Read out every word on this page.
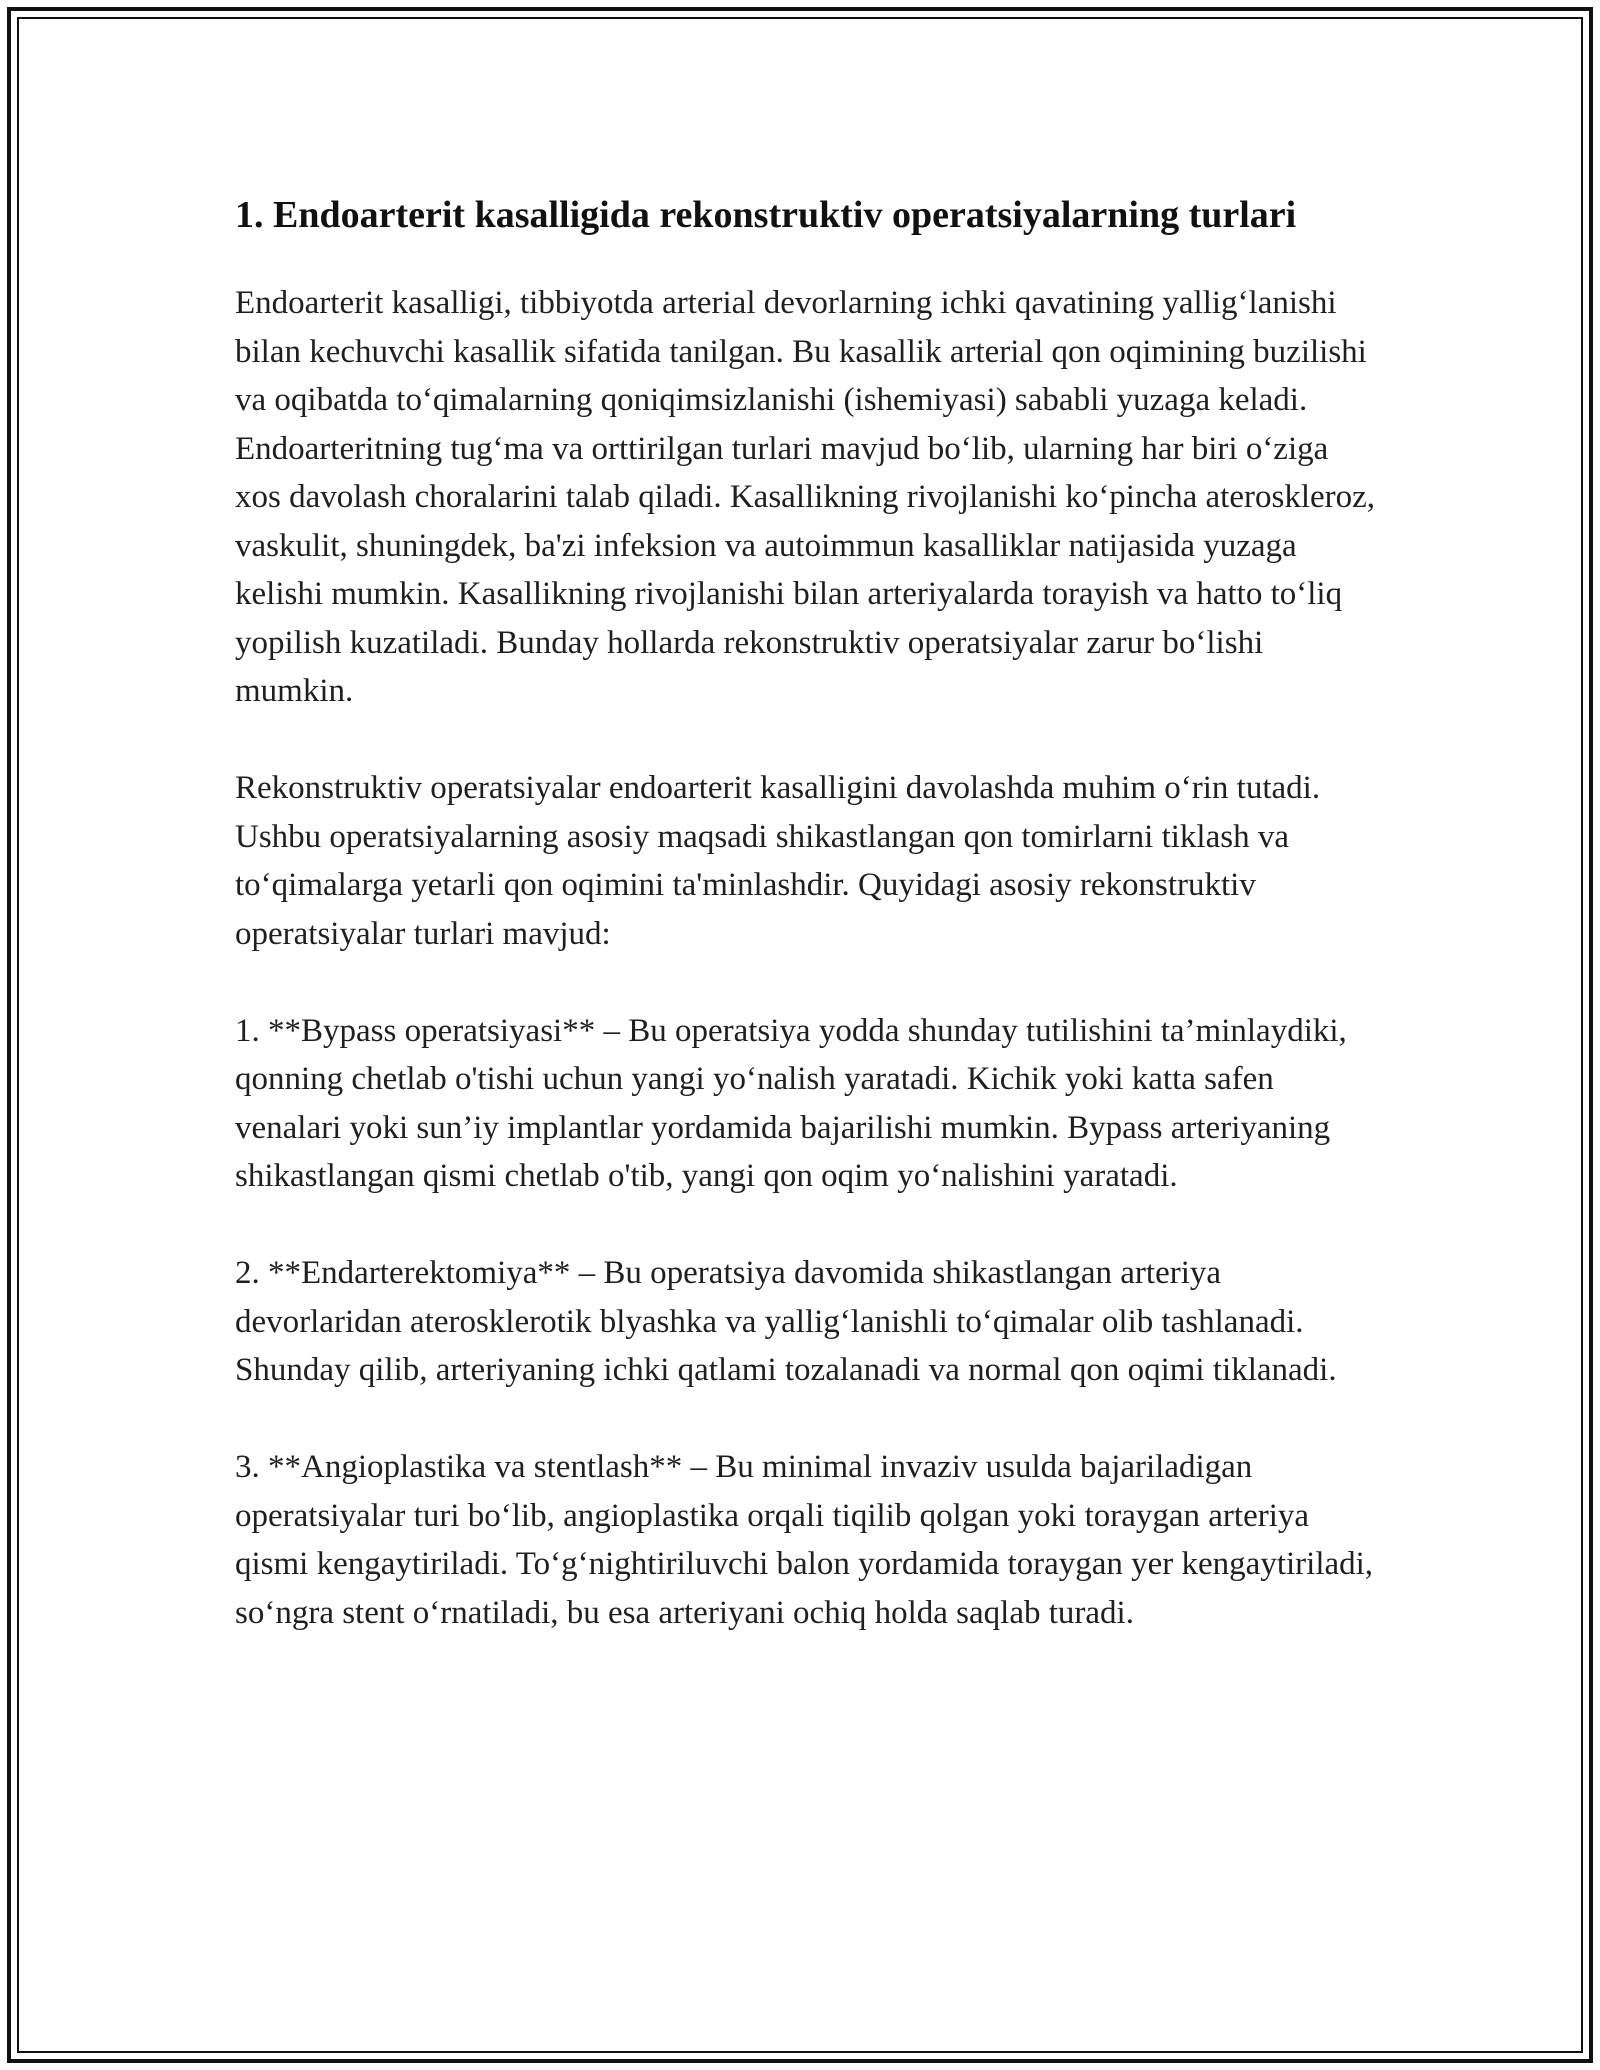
1. Endoarterit kasalligida rekonstruktiv operatsiyalarning turlari

Endoarterit kasalligi, tibbiyotda arterial devorlarning ichki qavatining yallig‘lanishi bilan kechuvchi kasallik sifatida tanilgan. Bu kasallik arterial qon oqimining buzilishi va oqibatda to‘qimalarning qoniqimsizlanishi (ishemiyasi) sababli yuzaga keladi. Endoarteritning tug‘ma va orttirilgan turlari mavjud bo‘lib, ularning har biri o‘ziga xos davolash choralarini talab qiladi. Kasallikning rivojlanishi ko‘pincha ateroskleroz, vaskulit, shuningdek, ba'zi infeksion va autoimmun kasalliklar natijasida yuzaga kelishi mumkin. Kasallikning rivojlanishi bilan arteriyalarda torayish va hatto to‘liq yopilish kuzatiladi. Bunday hollarda rekonstruktiv operatsiyalar zarur bo‘lishi mumkin.

Rekonstruktiv operatsiyalar endoarterit kasalligini davolashda muhim o‘rin tutadi. Ushbu operatsiyalarning asosiy maqsadi shikastlangan qon tomirlarni tiklash va to‘qimalarga yetarli qon oqimini ta'minlashdir. Quyidagi asosiy rekonstruktiv operatsiyalar turlari mavjud:

1. **Bypass operatsiyasi** – Bu operatsiya yodda shunday tutilishini ta’minlaydiki, qonning chetlab o'tishi uchun yangi yo‘nalish yaratadi. Kichik yoki katta safen venalari yoki sun’iy implantlar yordamida bajarilishi mumkin. Bypass arteriyaning shikastlangan qismi chetlab o'tib, yangi qon oqim yo‘nalishini yaratadi.

2. **Endarterektomiya** – Bu operatsiya davomida shikastlangan arteriya devorlaridan aterosklerotik blyashka va yallig‘lanishli to‘qimalar olib tashlanadi. Shunday qilib, arteriyaning ichki qatlami tozalanadi va normal qon oqimi tiklanadi.

3. **Angioplastika va stentlash** – Bu minimal invaziv usulda bajariladigan operatsiyalar turi bo‘lib, angioplastika orqali tiqilib qolgan yoki toraygan arteriya qismi kengaytiriladi. To‘g‘nightiriluvchi balon yordamida toraygan yer kengaytiriladi, so‘ngra stent o‘rnatiladi, bu esa arteriyani ochiq holda saqlab turadi.
